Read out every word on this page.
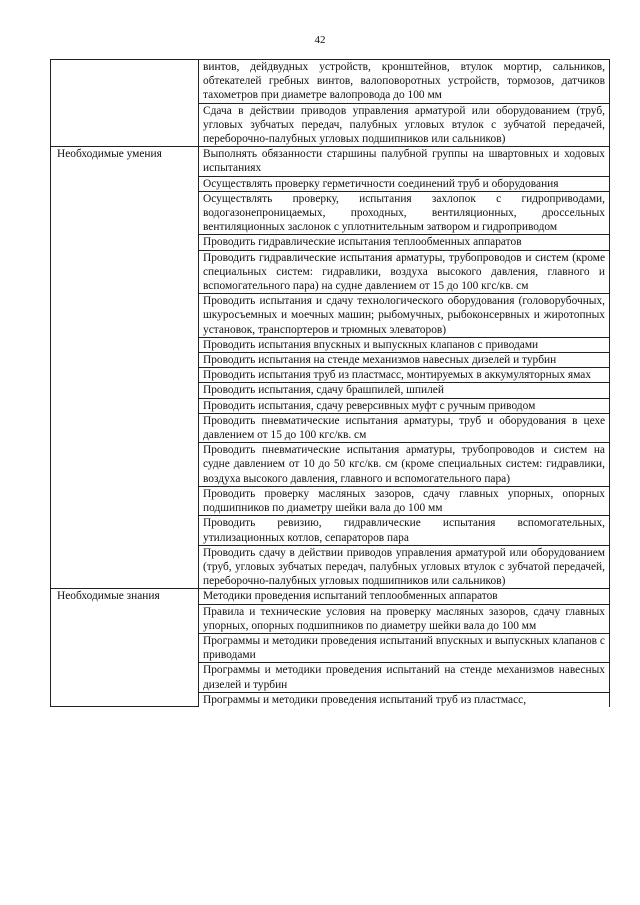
42
	винтов, дейдвудных устройств, кронштейнов, втулок мортир, сальников, обтекателей гребных винтов, валоповоротных устройств, тормозов, датчиков тахометров при диаметре валопровода до 100 мм
	Сдача в действии приводов управления арматурой или оборудованием (труб, угловых зубчатых передач, палубных угловых втулок с зубчатой передачей, переборочно-палубных угловых подшипников или сальников)
Необходимые умения	Выполнять обязанности старшины палубной группы на швартовных и ходовых испытаниях
	Осуществлять проверку герметичности соединений труб и оборудования
	Осуществлять проверку, испытания захлопок с гидроприводами, водогазонепроницаемых, проходных, вентиляционных, дроссельных вентиляционных заслонок с уплотнительным затвором и гидроприводом
	Проводить гидравлические испытания теплообменных аппаратов
	Проводить гидравлические испытания арматуры, трубопроводов и систем (кроме специальных систем: гидравлики, воздуха высокого давления, главного и вспомогательного пара) на судне давлением от 15 до 100 кгс/кв. см
	Проводить испытания и сдачу технологического оборудования (головорубочных, шкуросъемных и моечных машин; рыбомучных, рыбоконсервных и жиротопных установок, транспортеров и трюмных элеваторов)
	Проводить испытания впускных и выпускных клапанов с приводами
	Проводить испытания на стенде механизмов навесных дизелей и турбин
	Проводить испытания труб из пластмасс, монтируемых в аккумуляторных ямах
	Проводить испытания, сдачу брашпилей, шпилей
	Проводить испытания, сдачу реверсивных муфт с ручным приводом
	Проводить пневматические испытания арматуры, труб и оборудования в цехе давлением от 15 до 100 кгс/кв. см
	Проводить пневматические испытания арматуры, трубопроводов и систем на судне давлением от 10 до 50 кгс/кв. см (кроме специальных систем: гидравлики, воздуха высокого давления, главного и вспомогательного пара)
	Проводить проверку масляных зазоров, сдачу главных упорных, опорных подшипников по диаметру шейки вала до 100 мм
	Проводить ревизию, гидравлические испытания вспомогательных, утилизационных котлов, сепараторов пара
	Проводить сдачу в действии приводов управления арматурой или оборудованием (труб, угловых зубчатых передач, палубных угловых втулок с зубчатой передачей, переборочно-палубных угловых подшипников или сальников)
Необходимые знания	Методики проведения испытаний теплообменных аппаратов
	Правила и технические условия на проверку масляных зазоров, сдачу главных упорных, опорных подшипников по диаметру шейки вала до 100 мм
	Программы и методики проведения испытаний впускных и выпускных клапанов с приводами
	Программы и методики проведения испытаний на стенде механизмов навесных дизелей и турбин
	Программы и методики проведения испытаний труб из пластмасс,
